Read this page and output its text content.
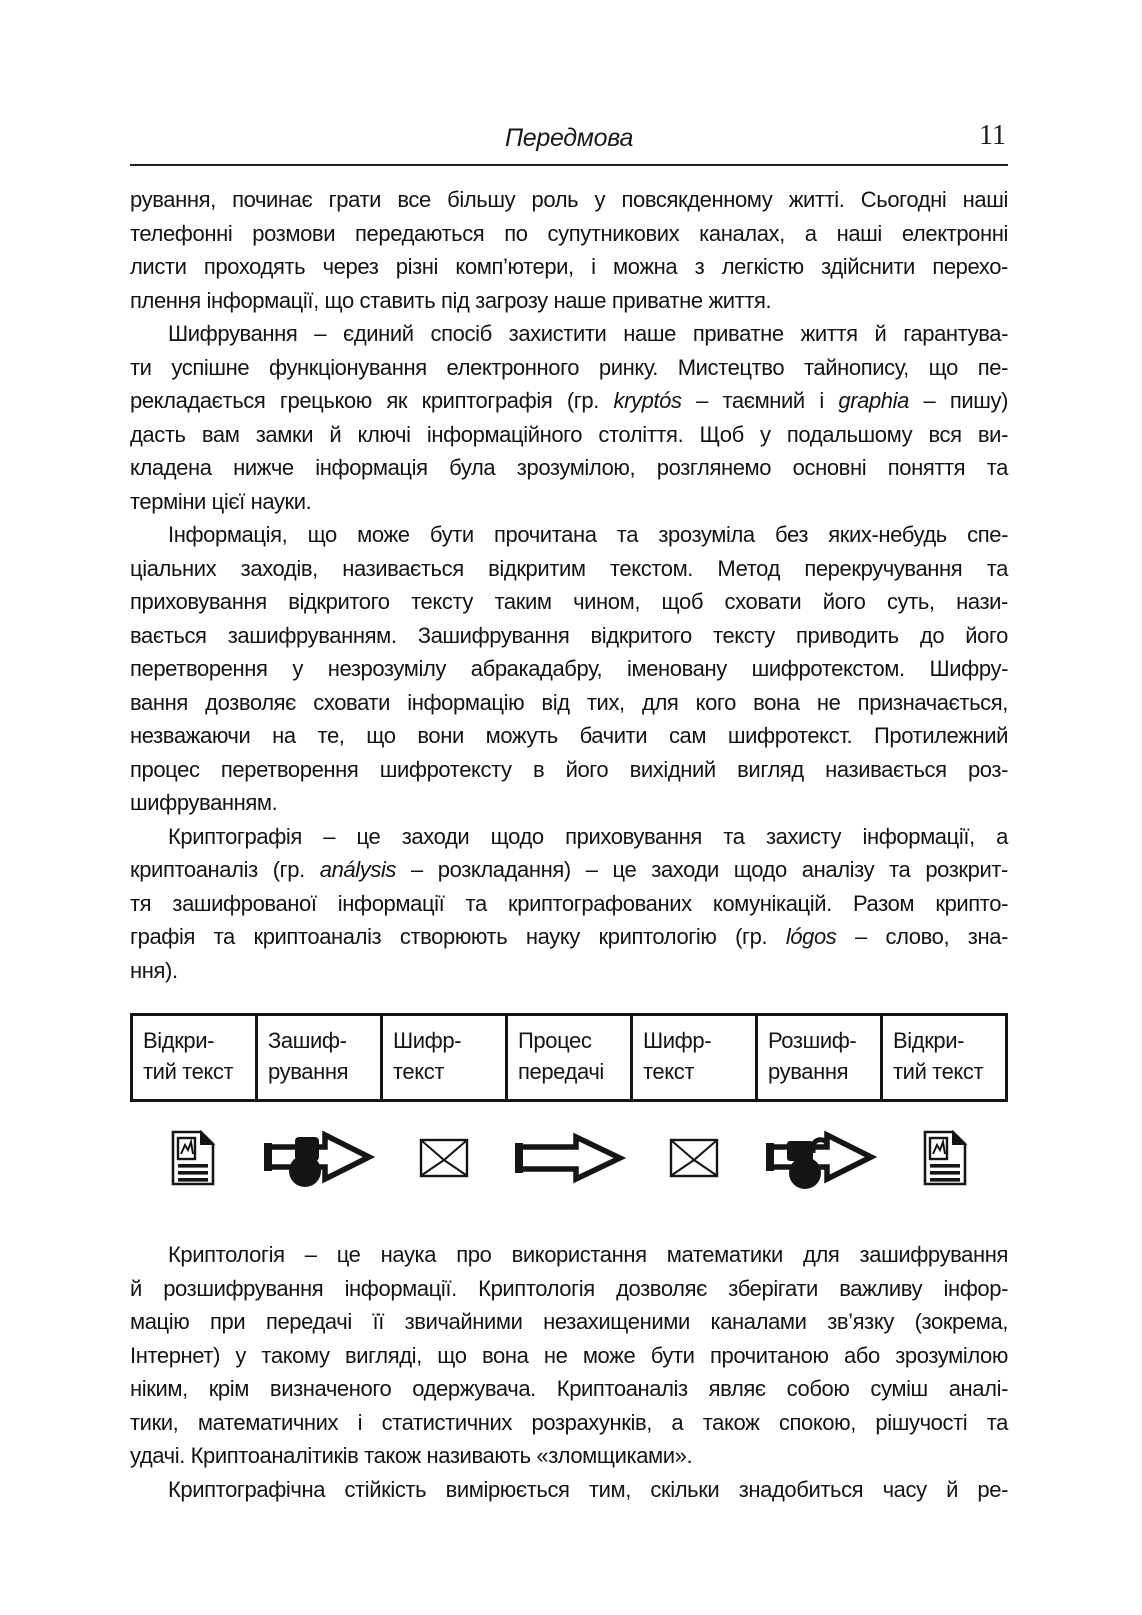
Передмова	11
рування, починає грати все більшу роль у повсякденному житті. Сьогодні наші
телефонні розмови передаються по супутникових каналах, а наші електронні
листи проходять через різні комп’ютери, і можна з легкістю здійснити перехо-
плення інформації, що ставить під загрозу наше приватне життя.
Шифрування – єдиний спосіб захистити наше приватне життя й гарантува-
ти успішне функціонування електронного ринку. Мистецтво тайнопису, що пе-
рекладається грецькою як криптографія (гр. kryptós – таємний і graphia – пишу)
дасть вам замки й ключі інформаційного століття. Щоб у подальшому вся ви-
кладена нижче інформація була зрозумілою, розглянемо основні поняття та
терміни цієї науки.
Інформація, що може бути прочитана та зрозуміла без яких-небудь спе-
ціальних заходів, називається відкритим текстом. Метод перекручування та
приховування відкритого тексту таким чином, щоб сховати його суть, нази-
вається зашифруванням. Зашифрування відкритого тексту приводить до його
перетворення у незрозумілу абракадабру, іменовану шифротекстом. Шифру-
вання дозволяє сховати інформацію від тих, для кого вона не призначається,
незважаючи на те, що вони можуть бачити сам шифротекст. Протилежний
процес перетворення шифротексту в його вихідний вигляд називається роз-
шифруванням.
Криптографія – це заходи щодо приховування та захисту інформації, а
криптоаналіз (гр. análysis – розкладання) – це заходи щодо аналізу та розкрит-
тя зашифрованої інформації та криптографованих комунікацій. Разом крипто-
графія та криптоаналіз створюють науку криптологію (гр. lógos – слово, зна-
ння).
Відкри-
тий текст
Зашиф-
рування
Шифр-
текст
Процес
передачі
Шифр-
текст
Розшиф-
рування
Відкри-
тий текст
Криптологія – це наука про використання математики для зашифрування
й розшифрування інформації. Криптологія дозволяє зберігати важливу інфор-
мацію при передачі її звичайними незахищеними каналами зв’язку (зокрема,
Інтернет) у такому вигляді, що вона не може бути прочитаною або зрозумілою
ніким, крім визначеного одержувача. Криптоаналіз являє собою суміш аналі-
тики, математичних і статистичних розрахунків, а також спокою, рішучості та
удачі. Криптоаналітиків також називають «зломщиками».
Криптографічна стійкість вимірюється тим, скільки знадобиться часу й ре-
